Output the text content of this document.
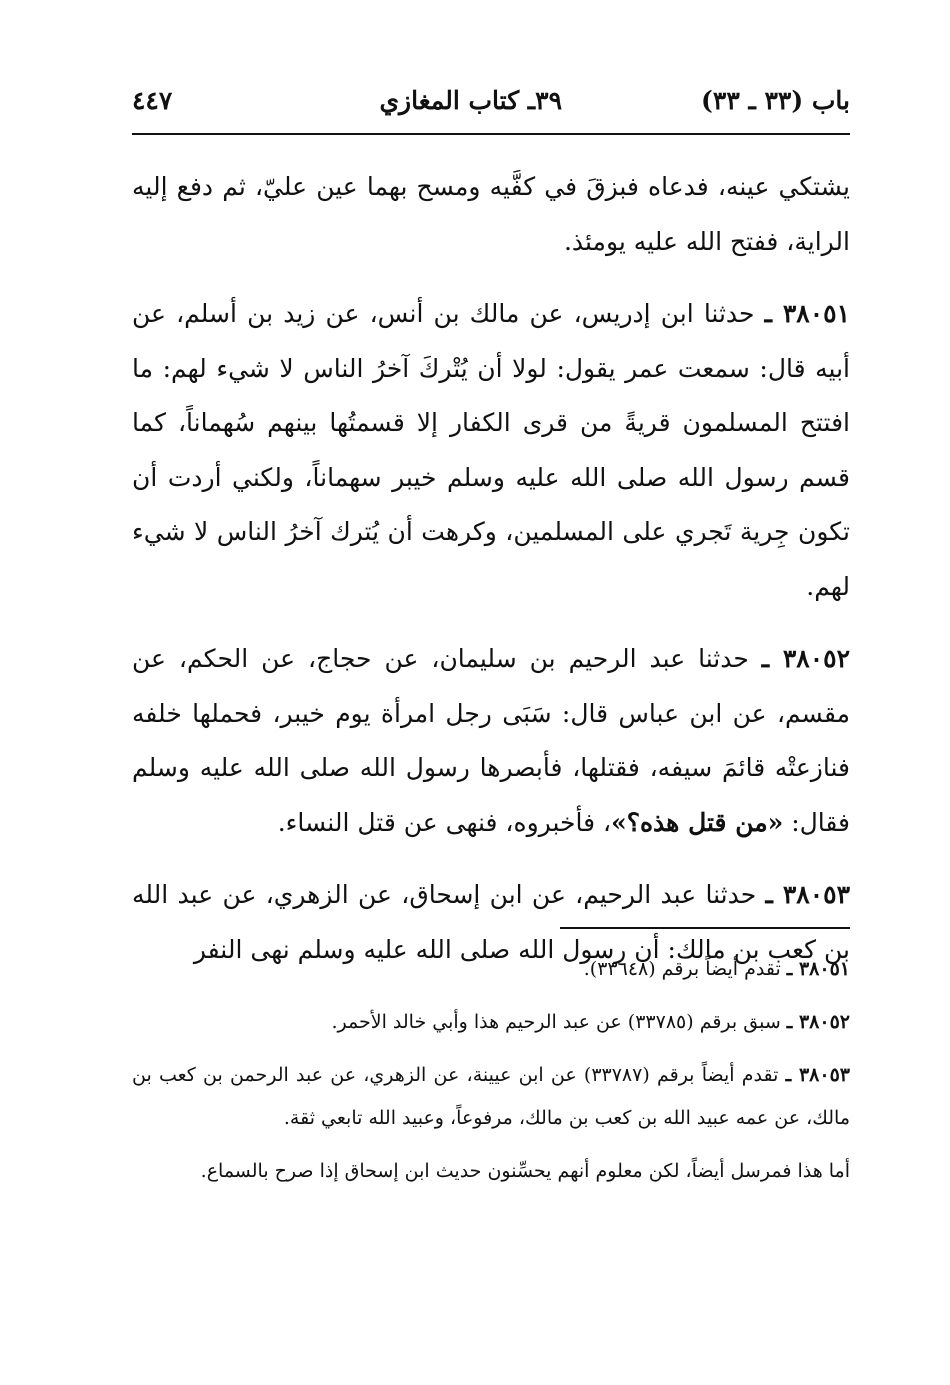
باب (٣٣ ـ ٣٣)
٣٩ـ كتاب المغازي
٤٤٧

يشتكي عينه، فدعاه فبزقَ في كفَّيه ومسح بهما عين عليّ، ثم دفع إليه الراية، ففتح الله عليه يومئذ.

٣٨٠٥١ ـ حدثنا ابن إدريس، عن مالك بن أنس، عن زيد بن أسلم، عن أبيه قال: سمعت عمر يقول: لولا أن يُتْركَ آخرُ الناس لا شيء لهم: ما افتتح المسلمون قريةً من قرى الكفار إلا قسمتُها بينهم سُهماناً، كما قسم رسول الله صلى الله عليه وسلم خيبر سهماناً، ولكني أردت أن تكون جِرية تَجري على المسلمين، وكرهت أن يُترك آخرُ الناس لا شيء لهم.

٣٨٠٥٢ ـ حدثنا عبد الرحيم بن سليمان، عن حجاج، عن الحكم، عن مقسم، عن ابن عباس قال: سَبَى رجل امرأة يوم خيبر، فحملها خلفه فنازعتْه قائمَ سيفه، فقتلها، فأبصرها رسول الله صلى الله عليه وسلم فقال: «من قتل هذه؟»، فأخبروه، فنهى عن قتل النساء.

٣٨٠٥٣ ـ حدثنا عبد الرحيم، عن ابن إسحاق، عن الزهري، عن عبد الله بن كعب بن مالك: أن رسول الله صلى الله عليه وسلم نهى النفر

٣٨٠٥١ ـ تقدم أيضاً برقم (٣٣٦٤٨).

٣٨٠٥٢ ـ سبق برقم (٣٣٧٨٥) عن عبد الرحيم هذا وأبي خالد الأحمر.

٣٨٠٥٣ ـ تقدم أيضاً برقم (٣٣٧٨٧) عن ابن عيينة، عن الزهري، عن عبد الرحمن بن كعب بن مالك، عن عمه عبيد الله بن كعب بن مالك، مرفوعاً، وعبيد الله تابعي ثقة.

أما هذا فمرسل أيضاً، لكن معلوم أنهم يحسِّنون حديث ابن إسحاق إذا صرح بالسماع.
